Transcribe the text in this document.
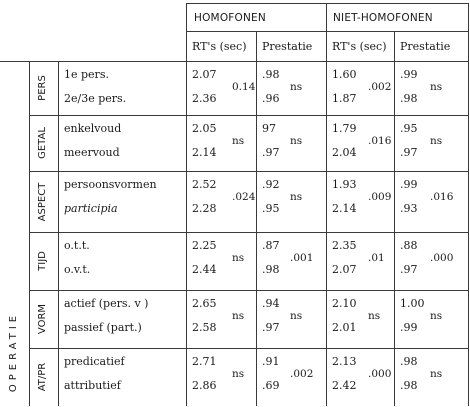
HOMOFONEN	NIET-HOMOFONEN
RT's (sec) Prestatie RT's (sec) Prestatie
OPERATIE
PERS
1e pers.	2.07	.98	1.60	.99
2e/3e pers.	2.36	.96	1.87	.98
0.14	ns	.002	ns
GETAL enkelvoud	2.05	97	1.79	.95
meervoud	2.14	.97	2.04	.97
ns	ns	.016	ns
ASPECT persoonsvormen	2.52	.92	1.93	.99
participia	2.28	.95	2.14	.93
.024	ns	.009	.016
TIJD
o.t.t.	2.25	.87	2.35	.88
o.v.t.	2.44	.98	2.07	.97
ns	.001	.01	.000
VORM
actief (pers. v )	2.65	.94	2.10	1.00
passief (part.)	2.58	.97	2.01	.99
ns	ns	ns	ns
AT/PR
predicatief	2.71	.91	2.13	.98
attributief	2.86	.69	2.42	.98
ns	.002	.000	ns
